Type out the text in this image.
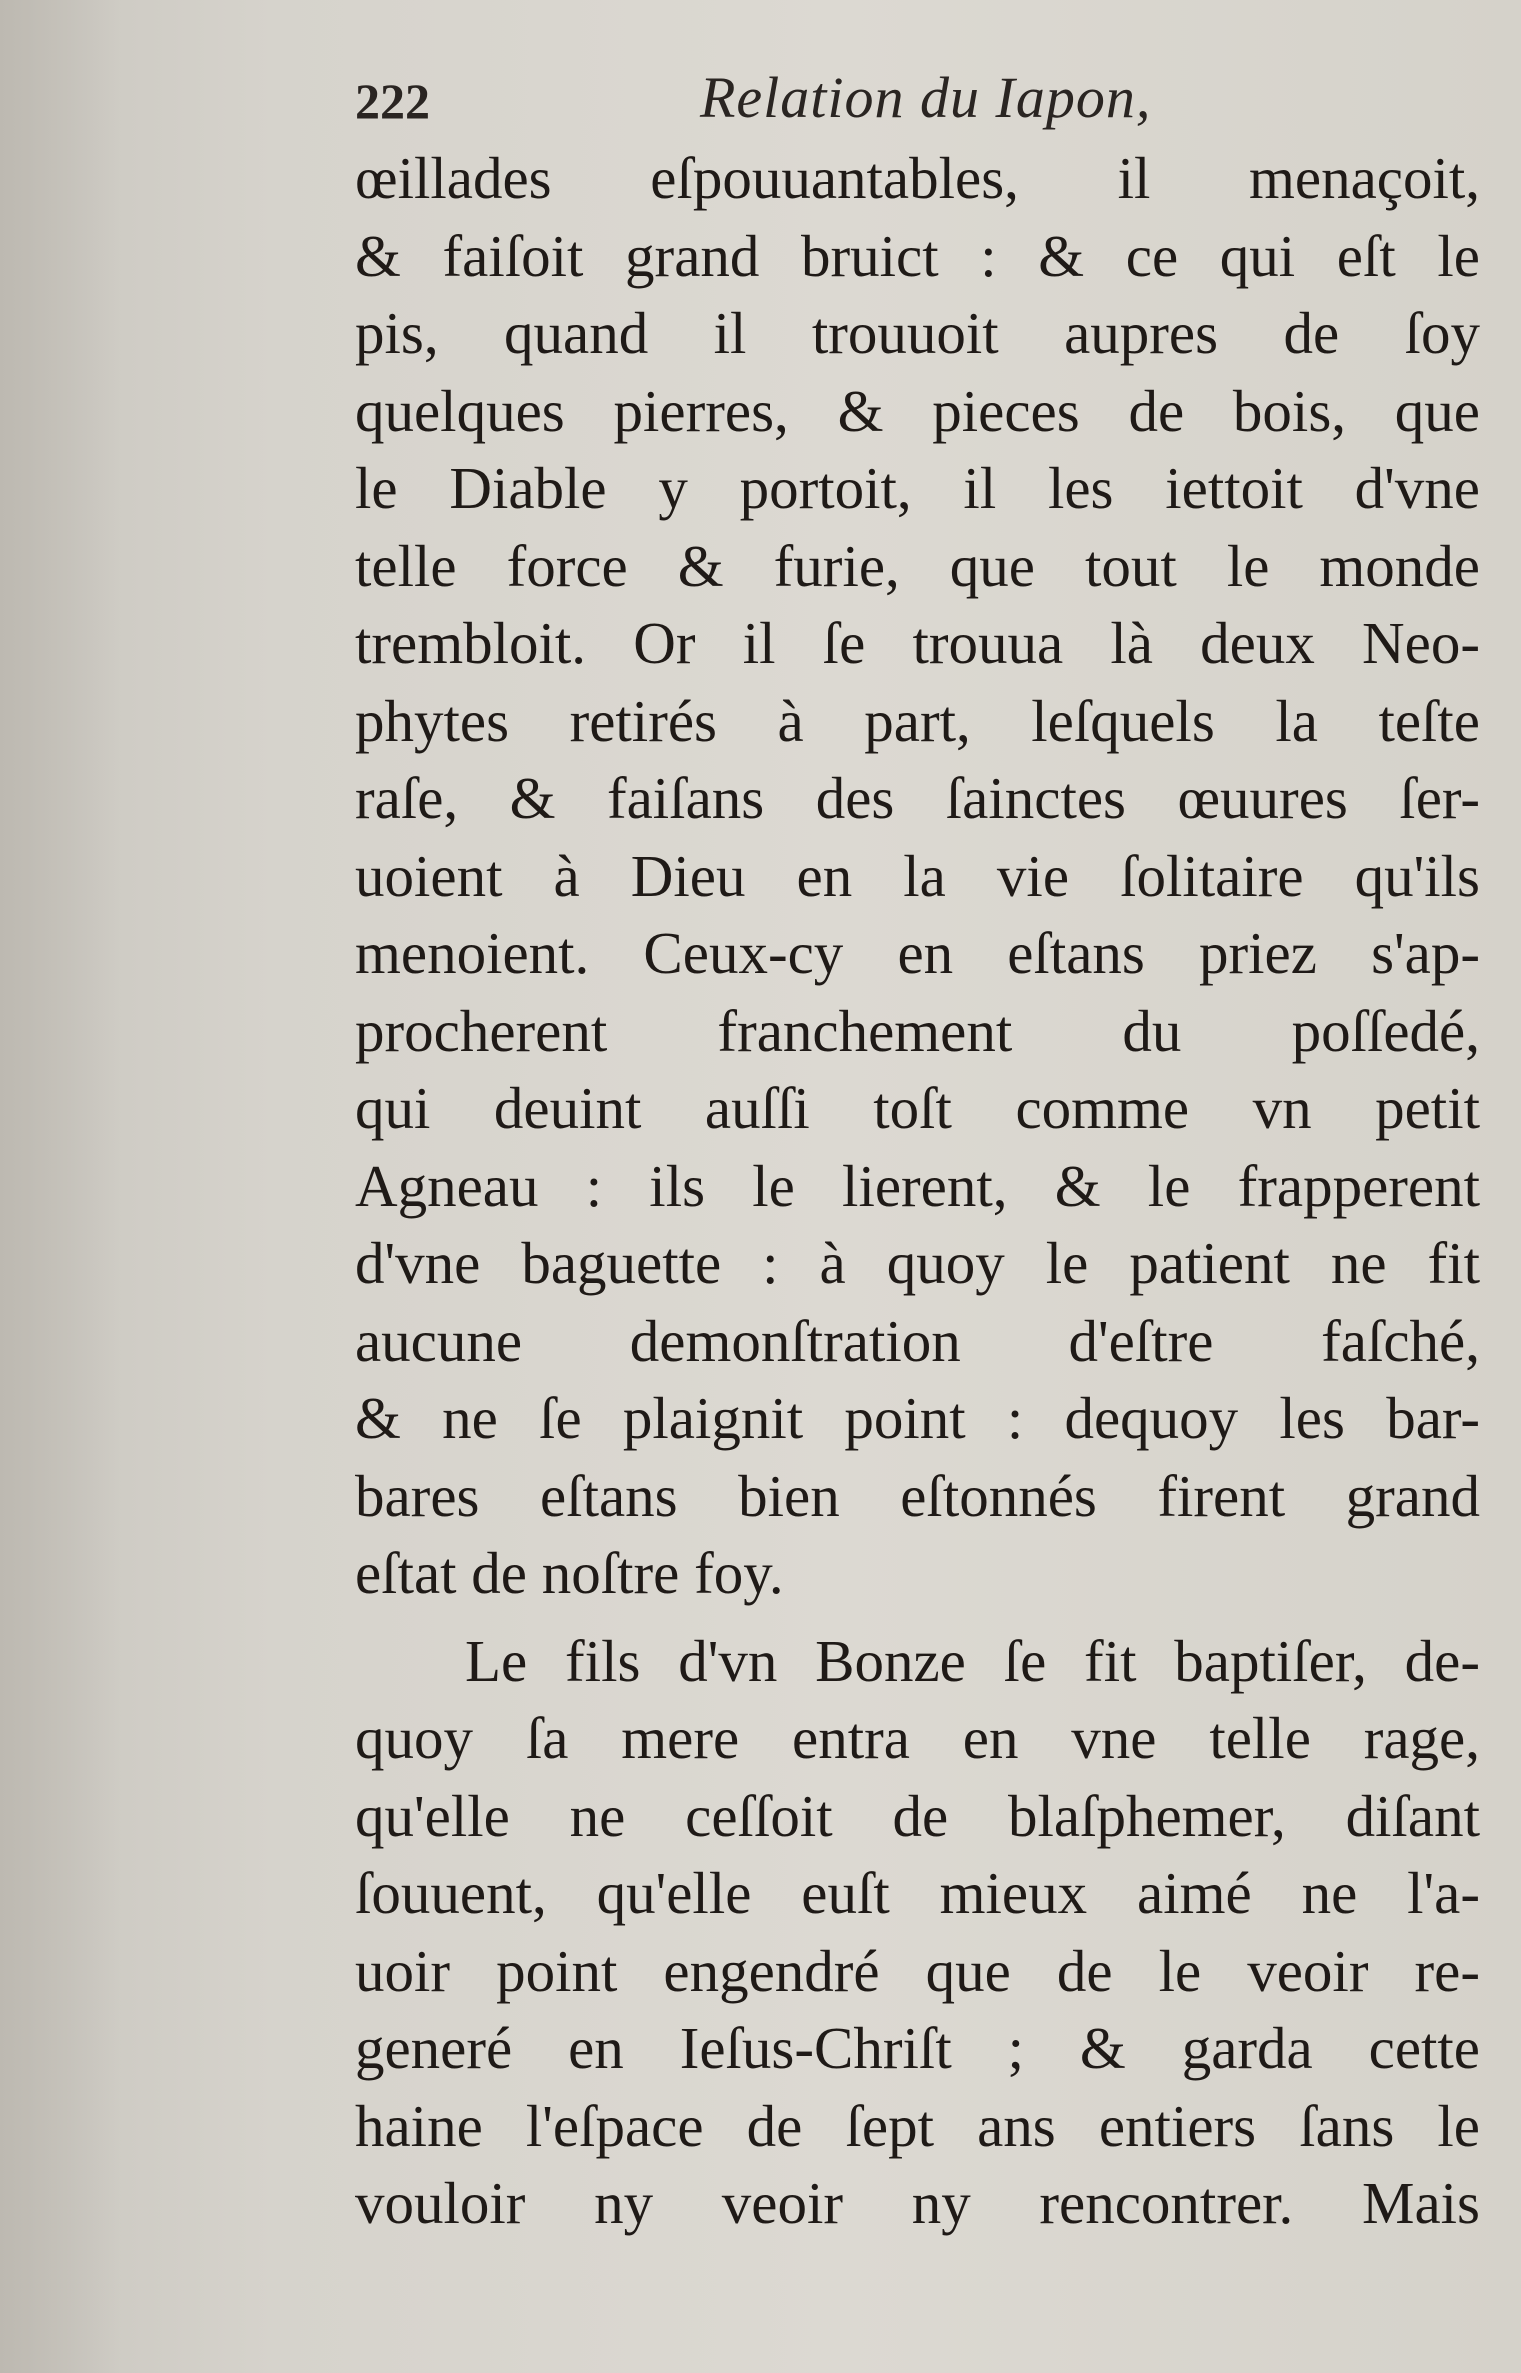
222	Relation du Iapon,
œillades eſpouuantables, il menaçoit,
& faiſoit grand bruict : & ce qui eſt le
pis, quand il trouuoit aupres de ſoy
quelques pierres, & pieces de bois, que
le Diable y portoit, il les iettoit d'vne
telle force & furie, que tout le monde
trembloit. Or il ſe trouua là deux Neo-
phytes retirés à part, leſquels la teſte
raſe, & faiſans des ſainctes œuures ſer-
uoient à Dieu en la vie ſolitaire qu'ils
menoient. Ceux-cy en eſtans priez s'ap-
procherent franchement du poſſedé,
qui deuint auſſi toſt comme vn petit
Agneau : ils le lierent, & le frapperent
d'vne baguette : à quoy le patient ne fit
aucune demonſtration d'eſtre faſché,
& ne ſe plaignit point : dequoy les bar-
bares eſtans bien eſtonnés firent grand
eſtat de noſtre foy.
Le fils d'vn Bonze ſe fit baptiſer, de-
quoy ſa mere entra en vne telle rage,
qu'elle ne ceſſoit de blaſphemer, diſant
ſouuent, qu'elle euſt mieux aimé ne l'a-
uoir point engendré que de le veoir re-
generé en Ieſus-Chriſt ; & garda cette
haine l'eſpace de ſept ans entiers ſans le
vouloir ny veoir ny rencontrer. Mais
